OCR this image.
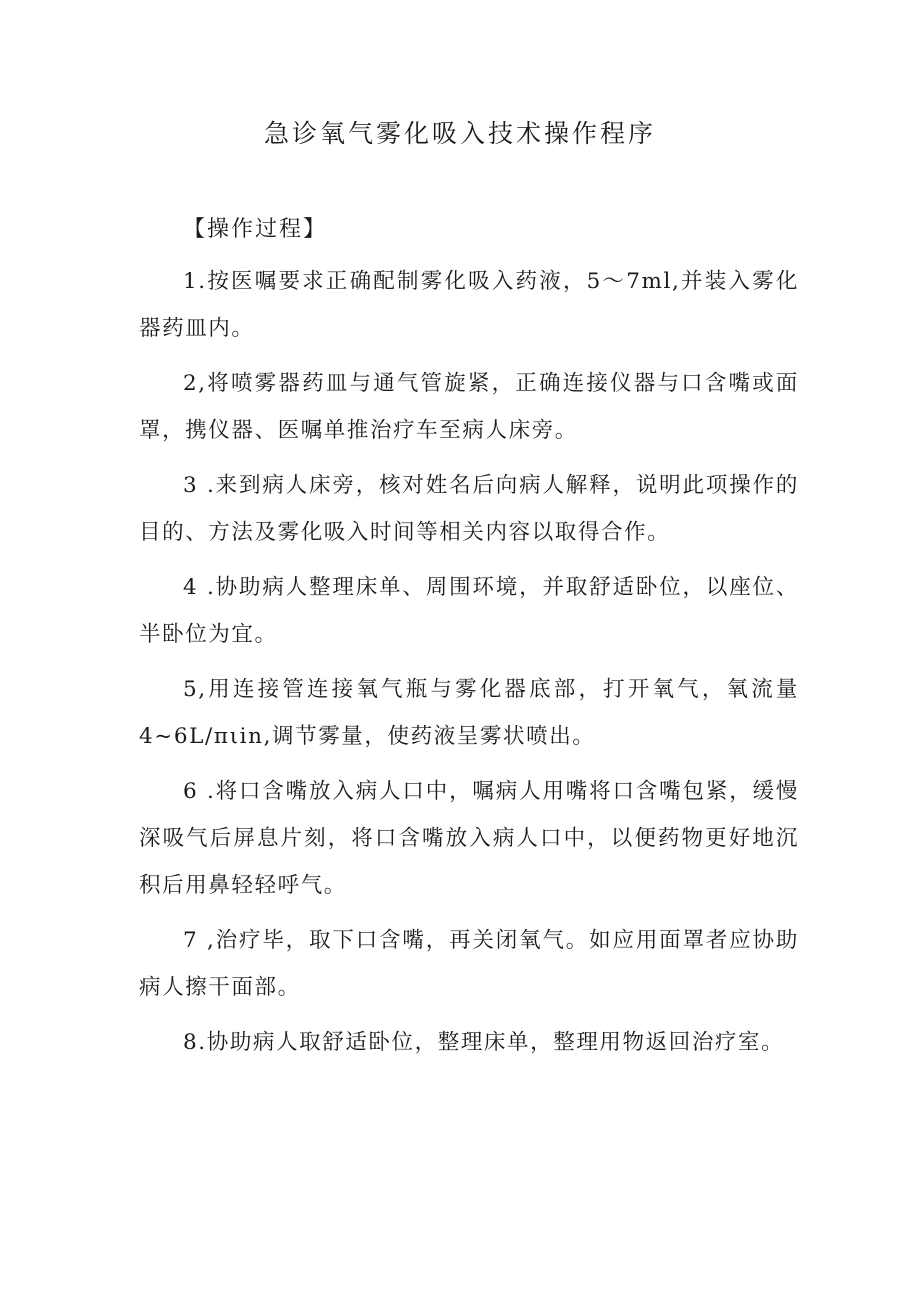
急诊氧气雾化吸入技术操作程序

【操作过程】

1.按医嘱要求正确配制雾化吸入药液，5～7ml,并装入雾化器药皿内。

2,将喷雾器药皿与通气管旋紧，正确连接仪器与口含嘴或面罩，携仪器、医嘱单推治疗车至病人床旁。

3 .来到病人床旁，核对姓名后向病人解释，说明此项操作的目的、方法及雾化吸入时间等相关内容以取得合作。

4 .协助病人整理床单、周围环境，并取舒适卧位，以座位、半卧位为宜。

5,用连接管连接氧气瓶与雾化器底部，打开氧气，氧流量4~6L∕πιin,调节雾量，使药液呈雾状喷出。

6 .将口含嘴放入病人口中，嘱病人用嘴将口含嘴包紧，缓慢深吸气后屏息片刻，将口含嘴放入病人口中，以便药物更好地沉积后用鼻轻轻呼气。

7 ,治疗毕，取下口含嘴，再关闭氧气。如应用面罩者应协助病人擦干面部。

8.协助病人取舒适卧位，整理床单，整理用物返回治疗室。
